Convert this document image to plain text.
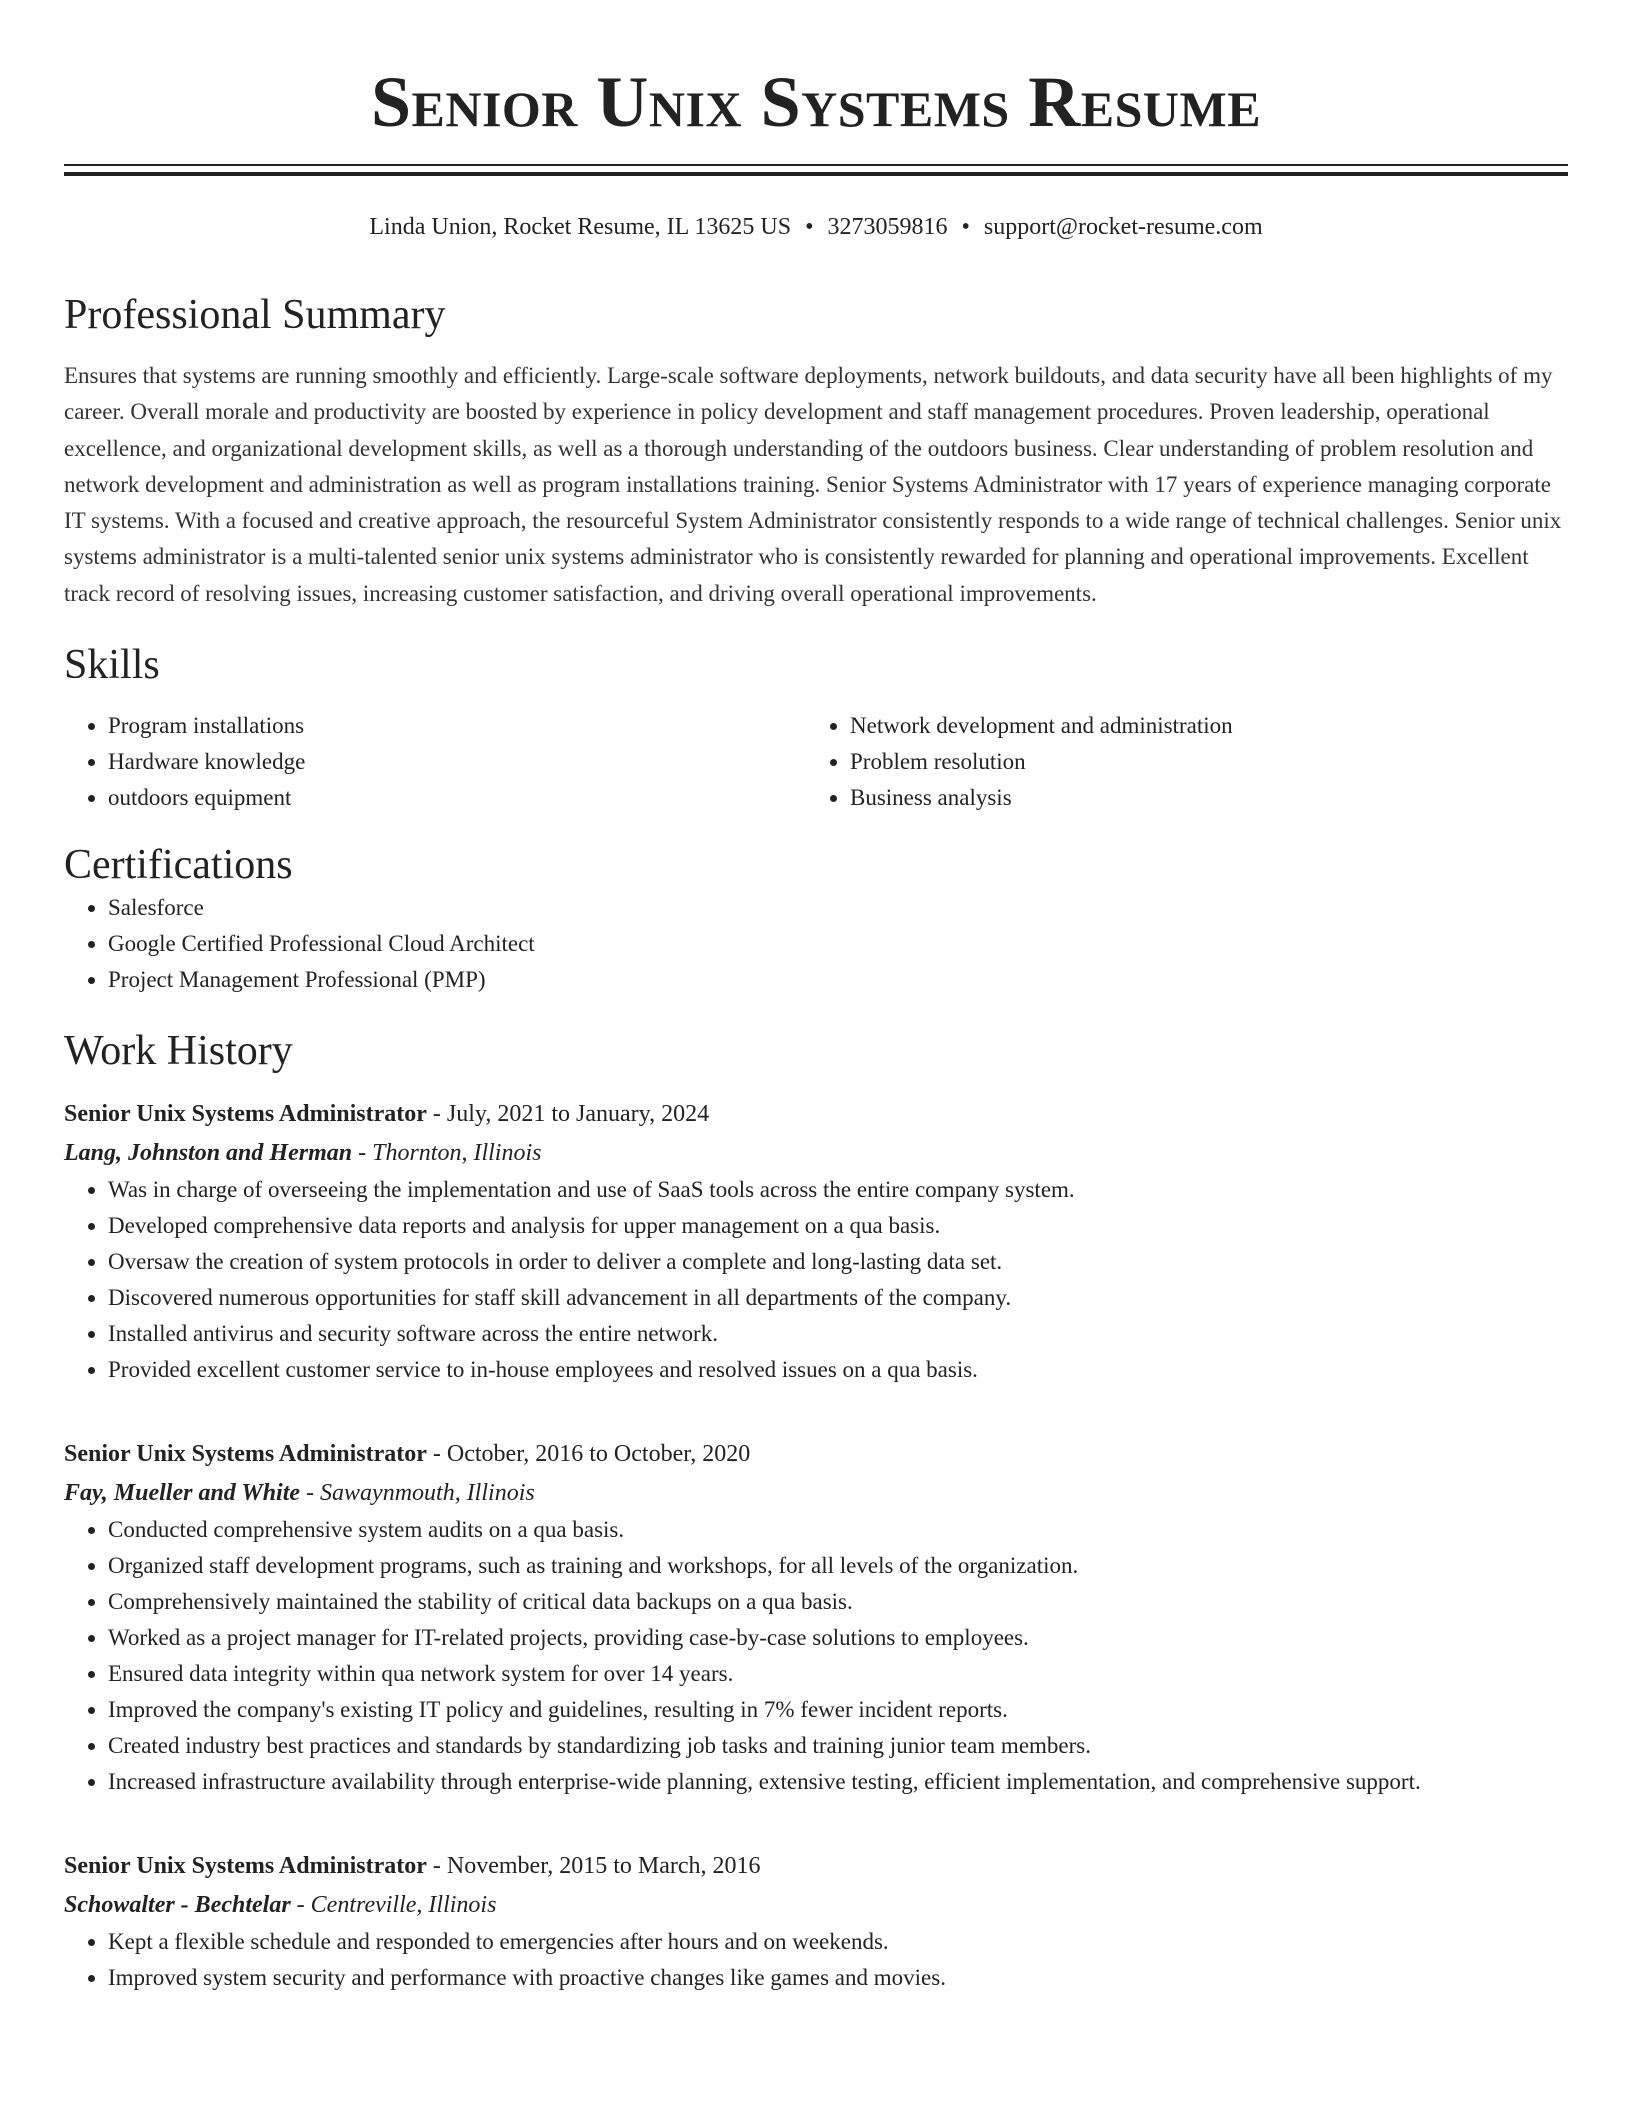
Senior Unix Systems Resume
Linda Union, Rocket Resume, IL 13625 US • 3273059816 • support@rocket-resume.com
Professional Summary

Ensures that systems are running smoothly and efficiently. Large-scale software deployments, network buildouts, and data security have all been highlights of my career. Overall morale and productivity are boosted by experience in policy development and staff management procedures. Proven leadership, operational excellence, and organizational development skills, as well as a thorough understanding of the outdoors business. Clear understanding of problem resolution and network development and administration as well as program installations training. Senior Systems Administrator with 17 years of experience managing corporate IT systems. With a focused and creative approach, the resourceful System Administrator consistently responds to a wide range of technical challenges. Senior unix systems administrator is a multi-talented senior unix systems administrator who is consistently rewarded for planning and operational improvements. Excellent track record of resolving issues, increasing customer satisfaction, and driving overall operational improvements.

Skills
• Program installations
• Hardware knowledge
• outdoors equipment
• Network development and administration
• Problem resolution
• Business analysis
Certifications
• Salesforce
• Google Certified Professional Cloud Architect
• Project Management Professional (PMP)
Work History
Senior Unix Systems Administrator - July, 2021 to January, 2024
Lang, Johnston and Herman - Thornton, Illinois
• Was in charge of overseeing the implementation and use of SaaS tools across the entire company system.
• Developed comprehensive data reports and analysis for upper management on a qua basis.
• Oversaw the creation of system protocols in order to deliver a complete and long-lasting data set.
• Discovered numerous opportunities for staff skill advancement in all departments of the company.
• Installed antivirus and security software across the entire network.
• Provided excellent customer service to in-house employees and resolved issues on a qua basis.
Senior Unix Systems Administrator - October, 2016 to October, 2020
Fay, Mueller and White - Sawaynmouth, Illinois
• Conducted comprehensive system audits on a qua basis.
• Organized staff development programs, such as training and workshops, for all levels of the organization.
• Comprehensively maintained the stability of critical data backups on a qua basis.
• Worked as a project manager for IT-related projects, providing case-by-case solutions to employees.
• Ensured data integrity within qua network system for over 14 years.
• Improved the company's existing IT policy and guidelines, resulting in 7% fewer incident reports.
• Created industry best practices and standards by standardizing job tasks and training junior team members.
• Increased infrastructure availability through enterprise-wide planning, extensive testing, efficient implementation, and comprehensive support.
Senior Unix Systems Administrator - November, 2015 to March, 2016
Schowalter - Bechtelar - Centreville, Illinois
• Kept a flexible schedule and responded to emergencies after hours and on weekends.
• Improved system security and performance with proactive changes like games and movies.
